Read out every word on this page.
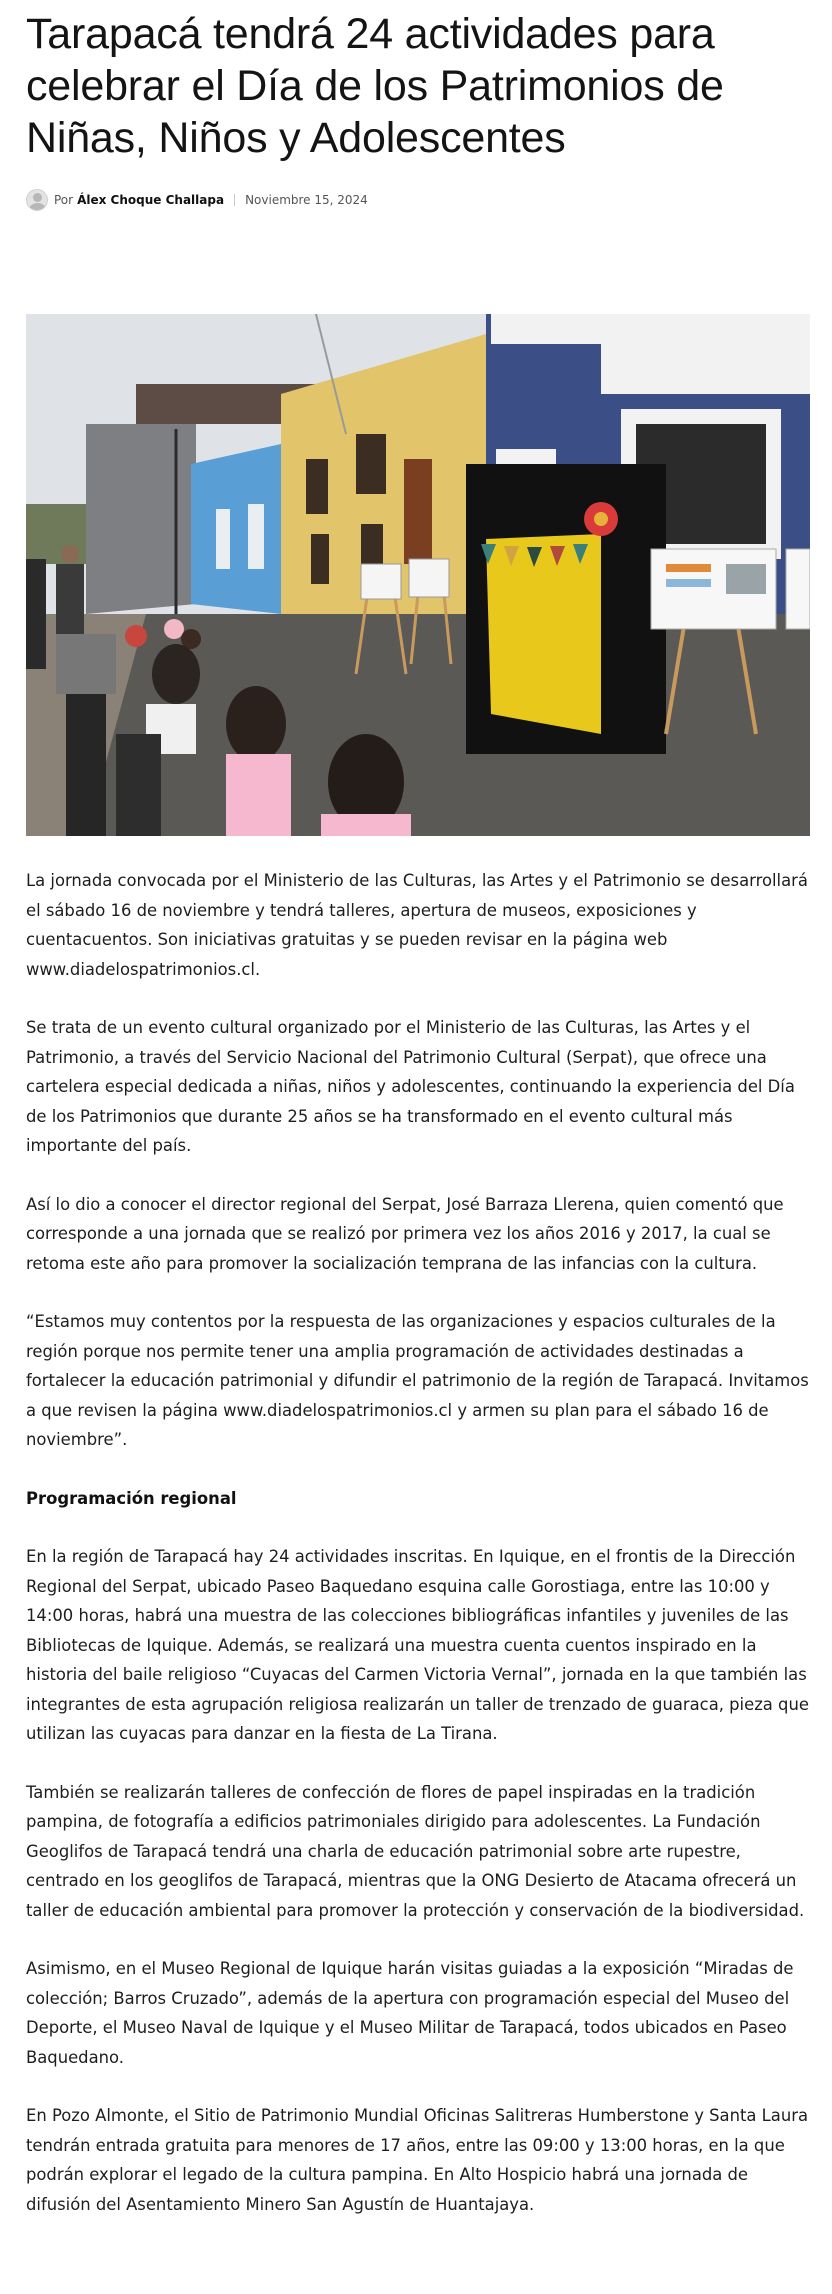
Tarapacá tendrá 24 actividades para celebrar el Día de los Patrimonios de Niñas, Niños y Adolescentes
Por Álex Choque Challapa Noviembre 15, 2024

La jornada convocada por el Ministerio de las Culturas, las Artes y el Patrimonio se desarrollará el sábado 16 de noviembre y tendrá talleres, apertura de museos, exposiciones y cuentacuentos. Son iniciativas gratuitas y se pueden revisar en la página web www.diadelospatrimonios.cl.

Se trata de un evento cultural organizado por el Ministerio de las Culturas, las Artes y el Patrimonio, a través del Servicio Nacional del Patrimonio Cultural (Serpat), que ofrece una cartelera especial dedicada a niñas, niños y adolescentes, continuando la experiencia del Día de los Patrimonios que durante 25 años se ha transformado en el evento cultural más importante del país.

Así lo dio a conocer el director regional del Serpat, José Barraza Llerena, quien comentó que corresponde a una jornada que se realizó por primera vez los años 2016 y 2017, la cual se retoma este año para promover la socialización temprana de las infancias con la cultura.

“Estamos muy contentos por la respuesta de las organizaciones y espacios culturales de la región porque nos permite tener una amplia programación de actividades destinadas a fortalecer la educación patrimonial y difundir el patrimonio de la región de Tarapacá. Invitamos a que revisen la página www.diadelospatrimonios.cl y armen su plan para el sábado 16 de noviembre”.

Programación regional

En la región de Tarapacá hay 24 actividades inscritas. En Iquique, en el frontis de la Dirección Regional del Serpat, ubicado Paseo Baquedano esquina calle Gorostiaga, entre las 10:00 y 14:00 horas, habrá una muestra de las colecciones bibliográficas infantiles y juveniles de las Bibliotecas de Iquique. Además, se realizará una muestra cuenta cuentos inspirado en la historia del baile religioso “Cuyacas del Carmen Victoria Vernal”, jornada en la que también las integrantes de esta agrupación religiosa realizarán un taller de trenzado de guaraca, pieza que utilizan las cuyacas para danzar en la fiesta de La Tirana.

También se realizarán talleres de confección de flores de papel inspiradas en la tradición pampina, de fotografía a edificios patrimoniales dirigido para adolescentes. La Fundación Geoglifos de Tarapacá tendrá una charla de educación patrimonial sobre arte rupestre, centrado en los geoglifos de Tarapacá, mientras que la ONG Desierto de Atacama ofrecerá un taller de educación ambiental para promover la protección y conservación de la biodiversidad.

Asimismo, en el Museo Regional de Iquique harán visitas guiadas a la exposición “Miradas de colección; Barros Cruzado”, además de la apertura con programación especial del Museo del Deporte, el Museo Naval de Iquique y el Museo Militar de Tarapacá, todos ubicados en Paseo Baquedano.

En Pozo Almonte, el Sitio de Patrimonio Mundial Oficinas Salitreras Humberstone y Santa Laura tendrán entrada gratuita para menores de 17 años, entre las 09:00 y 13:00 horas, en la que podrán explorar el legado de la cultura pampina. En Alto Hospicio habrá una jornada de difusión del Asentamiento Minero San Agustín de Huantajaya.
